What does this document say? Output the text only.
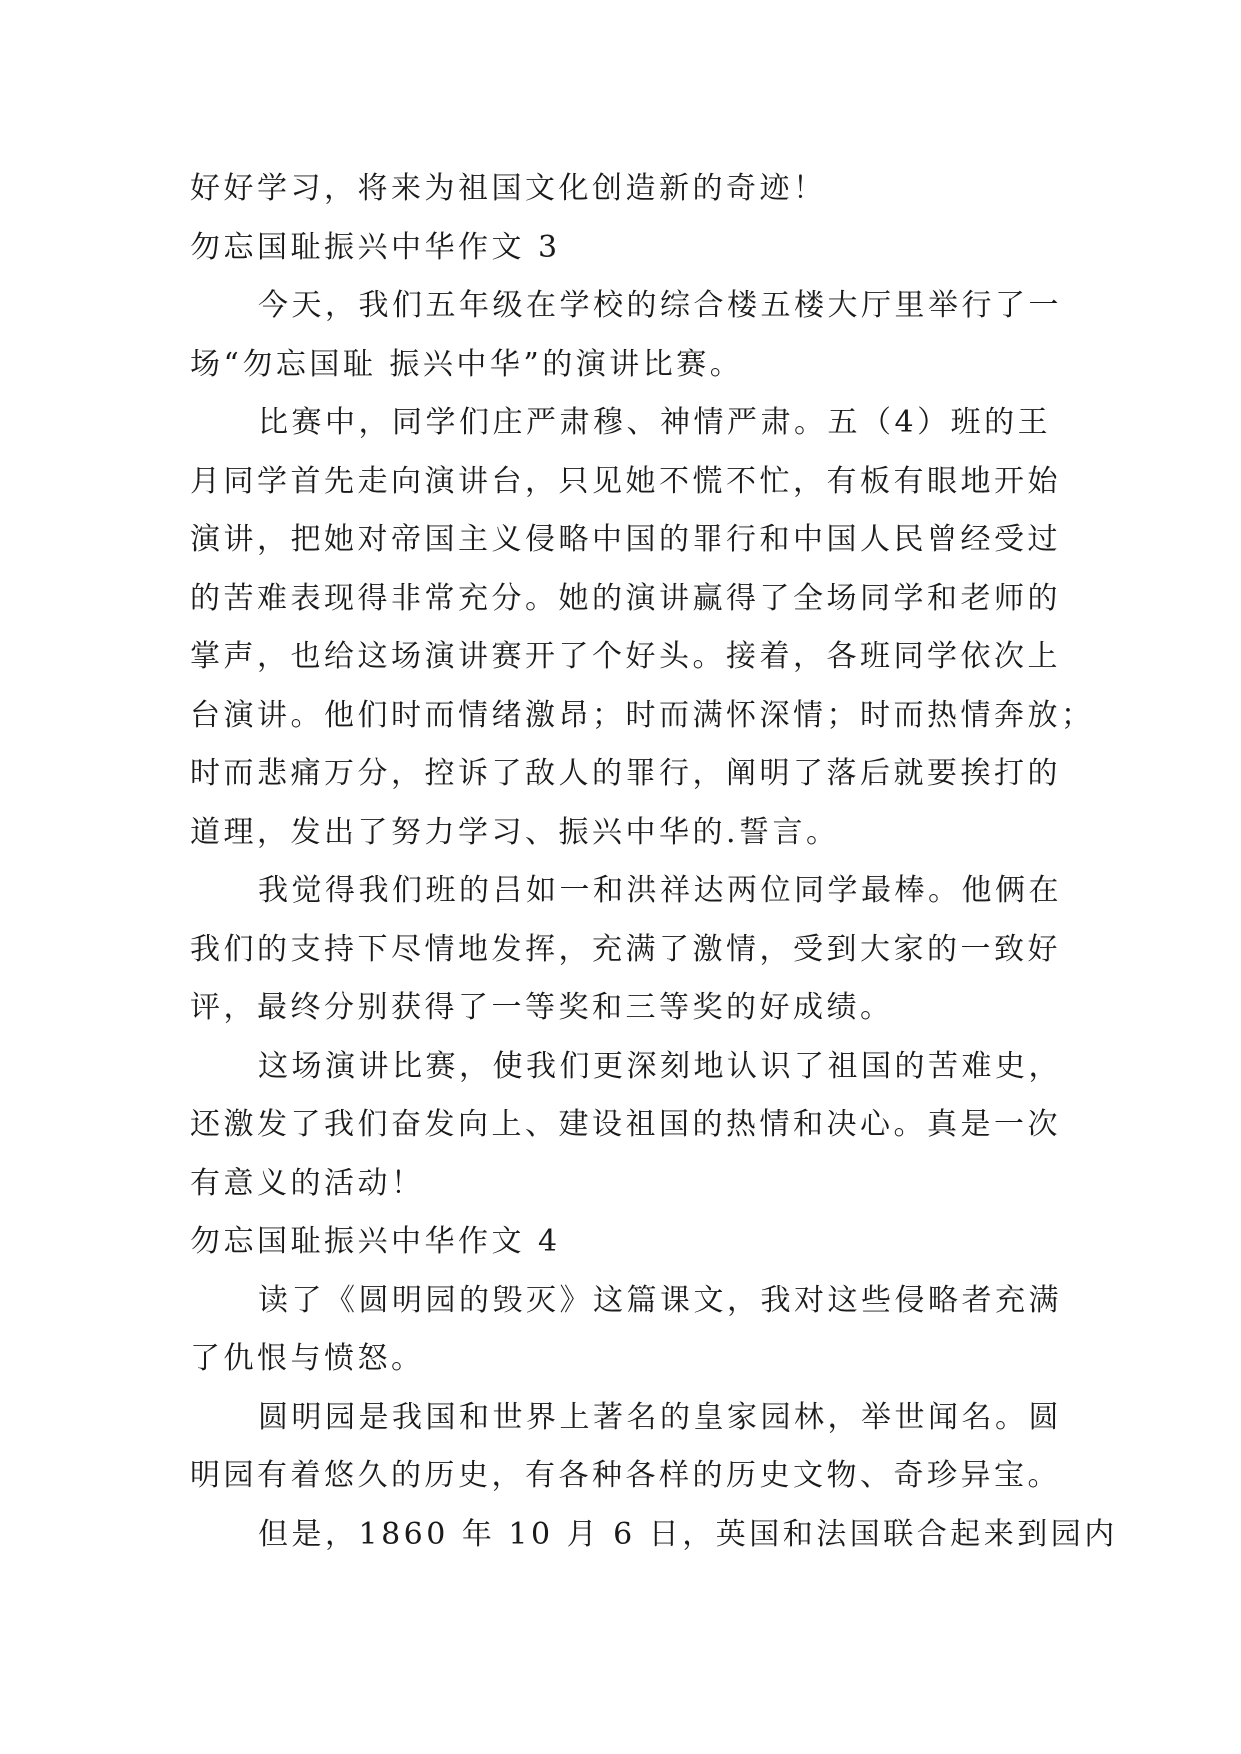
好好学习，将来为祖国文化创造新的奇迹！
勿忘国耻振兴中华作文 3
今天，我们五年级在学校的综合楼五楼大厅里举行了一
场“勿忘国耻 振兴中华”的演讲比赛。
比赛中，同学们庄严肃穆、神情严肃。五（4）班的王
月同学首先走向演讲台，只见她不慌不忙，有板有眼地开始
演讲，把她对帝国主义侵略中国的罪行和中国人民曾经受过
的苦难表现得非常充分。她的演讲赢得了全场同学和老师的
掌声，也给这场演讲赛开了个好头。接着，各班同学依次上
台演讲。他们时而情绪激昂；时而满怀深情；时而热情奔放；
时而悲痛万分，控诉了敌人的罪行，阐明了落后就要挨打的
道理，发出了努力学习、振兴中华的.誓言。
我觉得我们班的吕如一和洪祥达两位同学最棒。他俩在
我们的支持下尽情地发挥，充满了激情，受到大家的一致好
评，最终分别获得了一等奖和三等奖的好成绩。
这场演讲比赛，使我们更深刻地认识了祖国的苦难史，
还激发了我们奋发向上、建设祖国的热情和决心。真是一次
有意义的活动！
勿忘国耻振兴中华作文 4
读了《圆明园的毁灭》这篇课文，我对这些侵略者充满
了仇恨与愤怒。
圆明园是我国和世界上著名的皇家园林，举世闻名。圆
明园有着悠久的历史，有各种各样的历史文物、奇珍异宝。
但是，1860 年 10 月 6 日，英国和法国联合起来到园内
